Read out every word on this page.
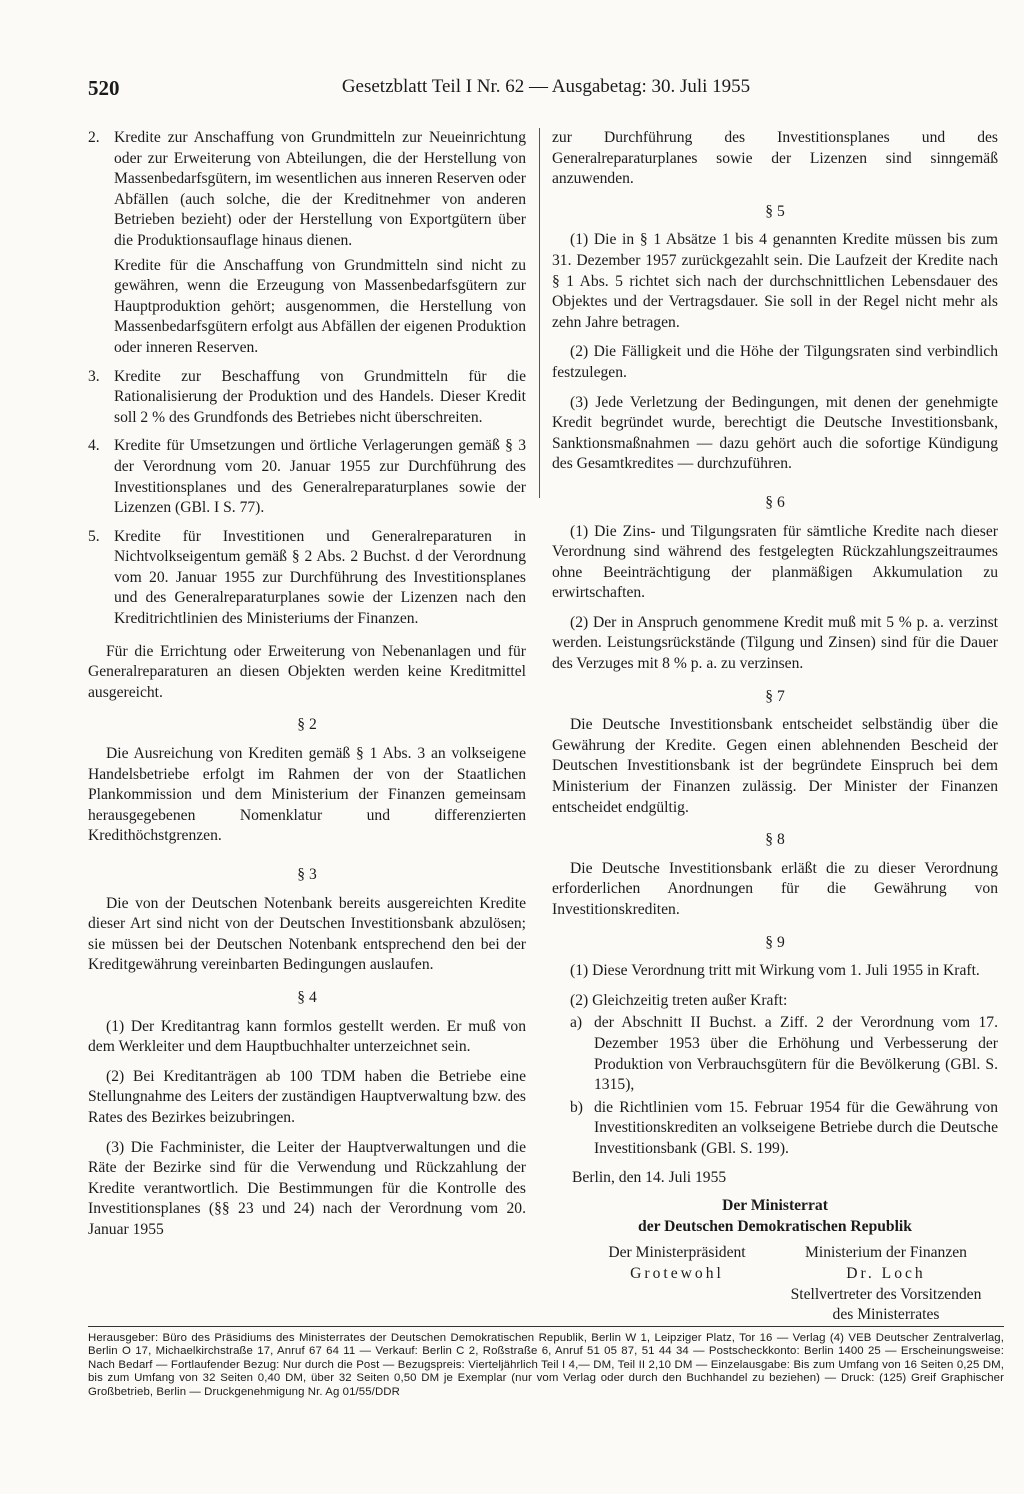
520	Gesetzblatt Teil I Nr. 62 — Ausgabetag: 30. Juli 1955
2. Kredite zur Anschaffung von Grundmitteln zur Neueinrichtung oder zur Erweiterung von Abteilungen, die der Herstellung von Massenbedarfsgütern, im wesentlichen aus inneren Reserven oder Abfällen (auch solche, die der Kreditnehmer von anderen Betrieben bezieht) oder der Herstellung von Exportgütern über die Produktionsauflage hinaus dienen.

Kredite für die Anschaffung von Grundmitteln sind nicht zu gewähren, wenn die Erzeugung von Massenbedarfsgütern zur Hauptproduktion gehört; ausgenommen, die Herstellung von Massenbedarfsgütern erfolgt aus Abfällen der eigenen Produktion oder inneren Reserven.

3. Kredite zur Beschaffung von Grundmitteln für die Rationalisierung der Produktion und des Handels. Dieser Kredit soll 2 % des Grundfonds des Betriebes nicht überschreiten.

4. Kredite für Umsetzungen und örtliche Verlagerungen gemäß § 3 der Verordnung vom 20. Januar 1955 zur Durchführung des Investitionsplanes und des Generalreparaturplanes sowie der Lizenzen (GBl. I S. 77).

5. Kredite für Investitionen und Generalreparaturen in Nichtvolkseigentum gemäß § 2 Abs. 2 Buchst. d der Verordnung vom 20. Januar 1955 zur Durchführung des Investitionsplanes und des Generalreparaturplanes sowie der Lizenzen nach den Kreditrichtlinien des Ministeriums der Finanzen.

Für die Errichtung oder Erweiterung von Nebenanlagen und für Generalreparaturen an diesen Objekten werden keine Kreditmittel ausgereicht.

§ 2

Die Ausreichung von Krediten gemäß § 1 Abs. 3 an volkseigene Handelsbetriebe erfolgt im Rahmen der von der Staatlichen Plankommission und dem Ministerium der Finanzen gemeinsam herausgegebenen Nomenklatur und differenzierten Kredithöchstgrenzen.

§ 3

Die von der Deutschen Notenbank bereits ausgereichten Kredite dieser Art sind nicht von der Deutschen Investitionsbank abzulösen; sie müssen bei der Deutschen Notenbank entsprechend den bei der Kreditgewährung vereinbarten Bedingungen auslaufen.

§ 4

(1) Der Kreditantrag kann formlos gestellt werden. Er muß von dem Werkleiter und dem Hauptbuchhalter unterzeichnet sein.

(2) Bei Kreditanträgen ab 100 TDM haben die Betriebe eine Stellungnahme des Leiters der zuständigen Hauptverwaltung bzw. des Rates des Bezirkes beizubringen.

(3) Die Fachminister, die Leiter der Hauptverwaltungen und die Räte der Bezirke sind für die Verwendung und Rückzahlung der Kredite verantwortlich. Die Bestimmungen für die Kontrolle des Investitionsplanes (§§ 23 und 24) nach der Verordnung vom 20. Januar 1955

zur Durchführung des Investitionsplanes und des Generalreparaturplanes sowie der Lizenzen sind sinngemäß anzuwenden.

§ 5

(1) Die in § 1 Absätze 1 bis 4 genannten Kredite müssen bis zum 31. Dezember 1957 zurückgezahlt sein. Die Laufzeit der Kredite nach § 1 Abs. 5 richtet sich nach der durchschnittlichen Lebensdauer des Objektes und der Vertragsdauer. Sie soll in der Regel nicht mehr als zehn Jahre betragen.

(2) Die Fälligkeit und die Höhe der Tilgungsraten sind verbindlich festzulegen.

(3) Jede Verletzung der Bedingungen, mit denen der genehmigte Kredit begründet wurde, berechtigt die Deutsche Investitionsbank, Sanktionsmaßnahmen — dazu gehört auch die sofortige Kündigung des Gesamtkredites — durchzuführen.

§ 6

(1) Die Zins- und Tilgungsraten für sämtliche Kredite nach dieser Verordnung sind während des festgelegten Rückzahlungszeitraumes ohne Beeinträchtigung der planmäßigen Akkumulation zu erwirtschaften.

(2) Der in Anspruch genommene Kredit muß mit 5 % p. a. verzinst werden. Leistungsrückstände (Tilgung und Zinsen) sind für die Dauer des Verzuges mit 8 % p. a. zu verzinsen.

§ 7

Die Deutsche Investitionsbank entscheidet selbständig über die Gewährung der Kredite. Gegen einen ablehnenden Bescheid der Deutschen Investitionsbank ist der begründete Einspruch bei dem Ministerium der Finanzen zulässig. Der Minister der Finanzen entscheidet endgültig.

§ 8

Die Deutsche Investitionsbank erläßt die zu dieser Verordnung erforderlichen Anordnungen für die Gewährung von Investitionskrediten.

§ 9

(1) Diese Verordnung tritt mit Wirkung vom 1. Juli 1955 in Kraft.

(2) Gleichzeitig treten außer Kraft:

a) der Abschnitt II Buchst. a Ziff. 2 der Verordnung vom 17. Dezember 1953 über die Erhöhung und Verbesserung der Produktion von Verbrauchsgütern für die Bevölkerung (GBl. S. 1315),

b) die Richtlinien vom 15. Februar 1954 für die Gewährung von Investitionskrediten an volkseigene Betriebe durch die Deutsche Investitionsbank (GBl. S. 199).

Berlin, den 14. Juli 1955
Der Ministerrat
der Deutschen Demokratischen Republik
Der Ministerpräsident
Grotewohl
Ministerium der Finanzen
Dr. Loch
Stellvertreter des Vorsitzenden
des Ministerrates
Herausgeber: Büro des Präsidiums des Ministerrates der Deutschen Demokratischen Republik, Berlin W 1, Leipziger Platz, Tor 16 — Verlag (4) VEB Deutscher Zentralverlag, Berlin O 17, Michaelkirchstraße 17, Anruf 67 64 11 — Verkauf: Berlin C 2, Roßstraße 6, Anruf 51 05 87, 51 44 34 — Postscheckkonto: Berlin 1400 25 — Erscheinungsweise: Nach Bedarf — Fortlaufender Bezug: Nur durch die Post — Bezugspreis: Vierteljährlich Teil I 4,— DM, Teil II 2,10 DM — Einzelausgabe: Bis zum Umfang von 16 Seiten 0,25 DM, bis zum Umfang von 32 Seiten 0,40 DM, über 32 Seiten 0,50 DM je Exemplar (nur vom Verlag oder durch den Buchhandel zu beziehen) — Druck: (125) Greif Graphischer Großbetrieb, Berlin — Druckgenehmigung Nr. Ag 01/55/DDR
